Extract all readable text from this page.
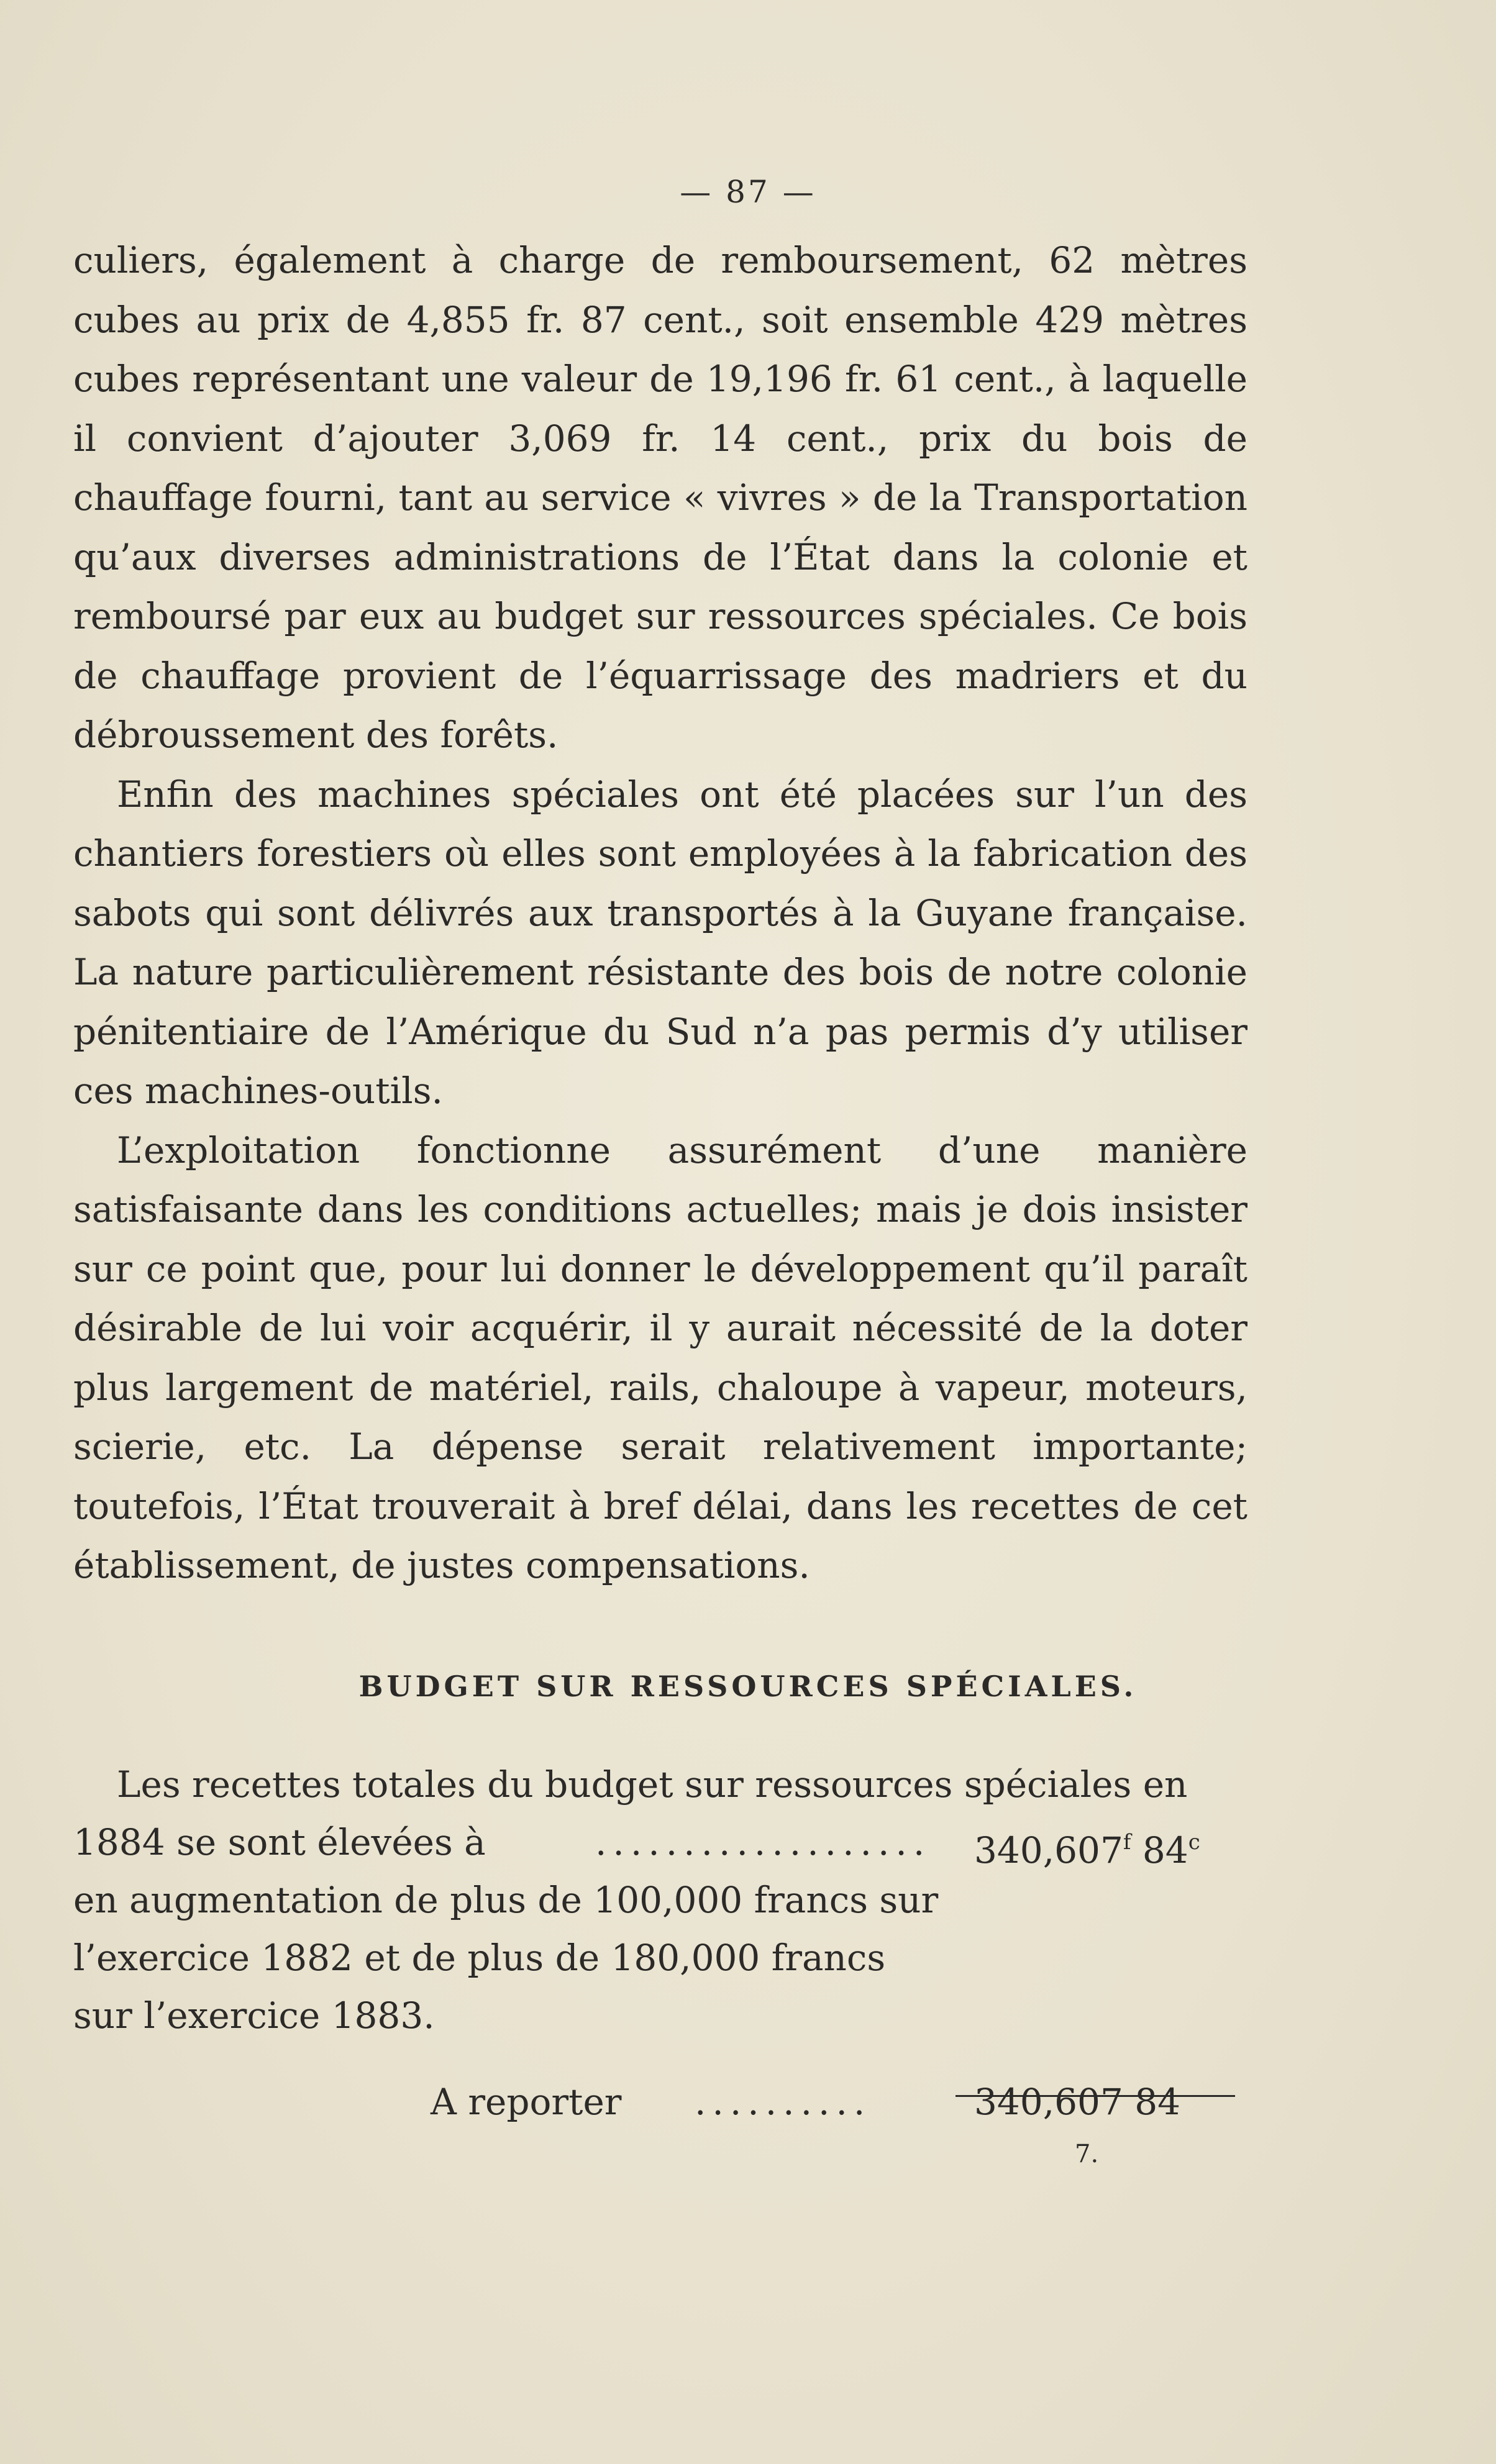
— 87 —

culiers, également à charge de remboursement, 62 mètres cubes au prix de 4,855 fr. 87 cent., soit ensemble 429 mètres cubes représentant une valeur de 19,196 fr. 61 cent., à laquelle il convient d’ajouter 3,069 fr. 14 cent., prix du bois de chauffage fourni, tant au service « vivres » de la Transportation qu’aux diverses administrations de l’État dans la colonie et remboursé par eux au budget sur ressources spéciales. Ce bois de chauffage provient de l’équarrissage des madriers et du débroussement des forêts.

Enfin des machines spéciales ont été placées sur l’un des chantiers forestiers où elles sont employées à la fabrication des sabots qui sont délivrés aux transportés à la Guyane française. La nature particulièrement résistante des bois de notre colonie pénitentiaire de l’Amérique du Sud n’a pas permis d’y utiliser ces machines-outils.

L’exploitation fonctionne assurément d’une manière satisfaisante dans les conditions actuelles; mais je dois insister sur ce point que, pour lui donner le développement qu’il paraît désirable de lui voir acquérir, il y aurait nécessité de la doter plus largement de matériel, rails, chaloupe à vapeur, moteurs, scierie, etc. La dépense serait relativement importante; toutefois, l’État trouverait à bref délai, dans les recettes de cet établissement, de justes compensations.

BUDGET SUR RESSOURCES SPÉCIALES.

Les recettes totales du budget sur ressources spéciales en

1884 se sont élevées à	...................	340,607$^f$ 84$^c$

en augmentation de plus de 100,000 francs sur l’exercice 1882 et de plus de 180,000 francs sur l’exercice 1883.

A reporter ..........	340,607 84
7.
